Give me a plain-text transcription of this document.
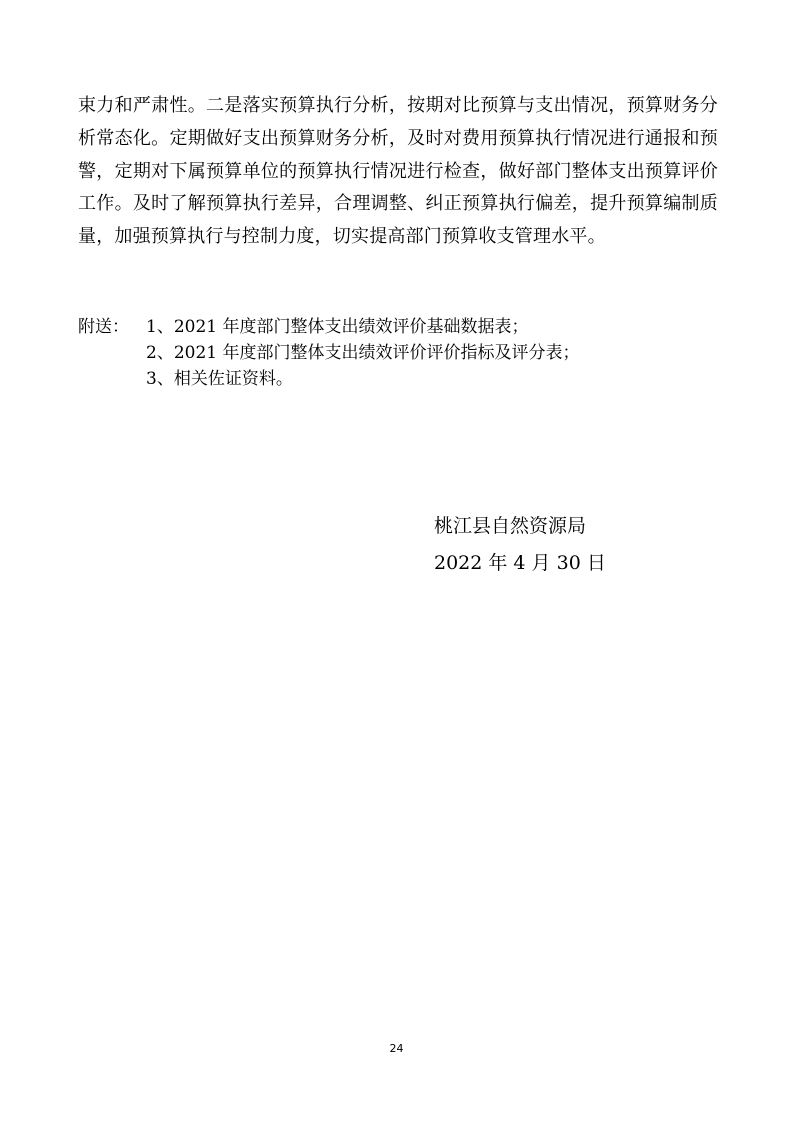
束力和严肃性。二是落实预算执行分析，按期对比预算与支出情况，预算财务分
析常态化。定期做好支出预算财务分析，及时对费用预算执行情况进行通报和预
警，定期对下属预算单位的预算执行情况进行检查，做好部门整体支出预算评价
工作。及时了解预算执行差异，合理调整、纠正预算执行偏差，提升预算编制质
量，加强预算执行与控制力度，切实提高部门预算收支管理水平。
附送：	1、2021 年度部门整体支出绩效评价基础数据表；
2、2021 年度部门整体支出绩效评价评价指标及评分表；
3、相关佐证资料。
桃江县自然资源局
2022 年 4 月 30 日
24
